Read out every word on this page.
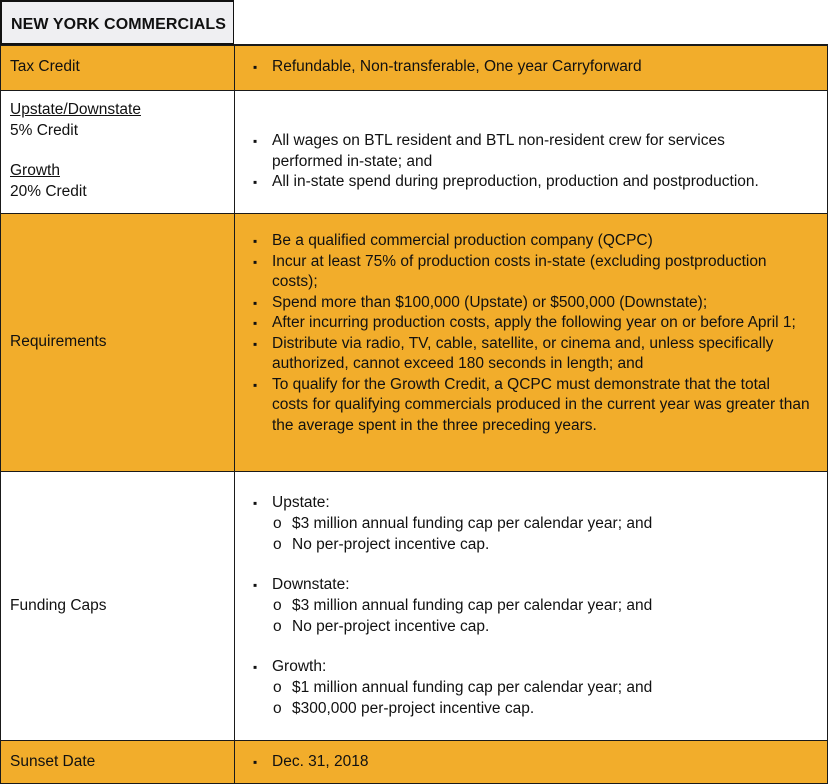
NEW YORK COMMERCIALS
Tax Credit	▪ Refundable, Non-transferable, One year Carryforward
Upstate/Downstate
5% Credit
Growth
20% Credit
▪ All wages on BTL resident and BTL non-resident crew for services performed in-state; and
▪ All in-state spend during preproduction, production and postproduction.
Requirements
▪ Be a qualified commercial production company (QCPC)
▪ Incur at least 75% of production costs in-state (excluding postproduction costs);
▪ Spend more than $100,000 (Upstate) or $500,000 (Downstate);
▪ After incurring production costs, apply the following year on or before April 1;
▪ Distribute via radio, TV, cable, satellite, or cinema and, unless specifically authorized, cannot exceed 180 seconds in length; and
▪ To qualify for the Growth Credit, a QCPC must demonstrate that the total costs for qualifying commercials produced in the current year was greater than the average spent in the three preceding years.
Funding Caps
▪ Upstate:
o $3 million annual funding cap per calendar year; and
o No per-project incentive cap.
▪ Downstate:
o $3 million annual funding cap per calendar year; and
o No per-project incentive cap.
▪ Growth:
o $1 million annual funding cap per calendar year; and
o $300,000 per-project incentive cap.
Sunset Date	▪ Dec. 31, 2018
